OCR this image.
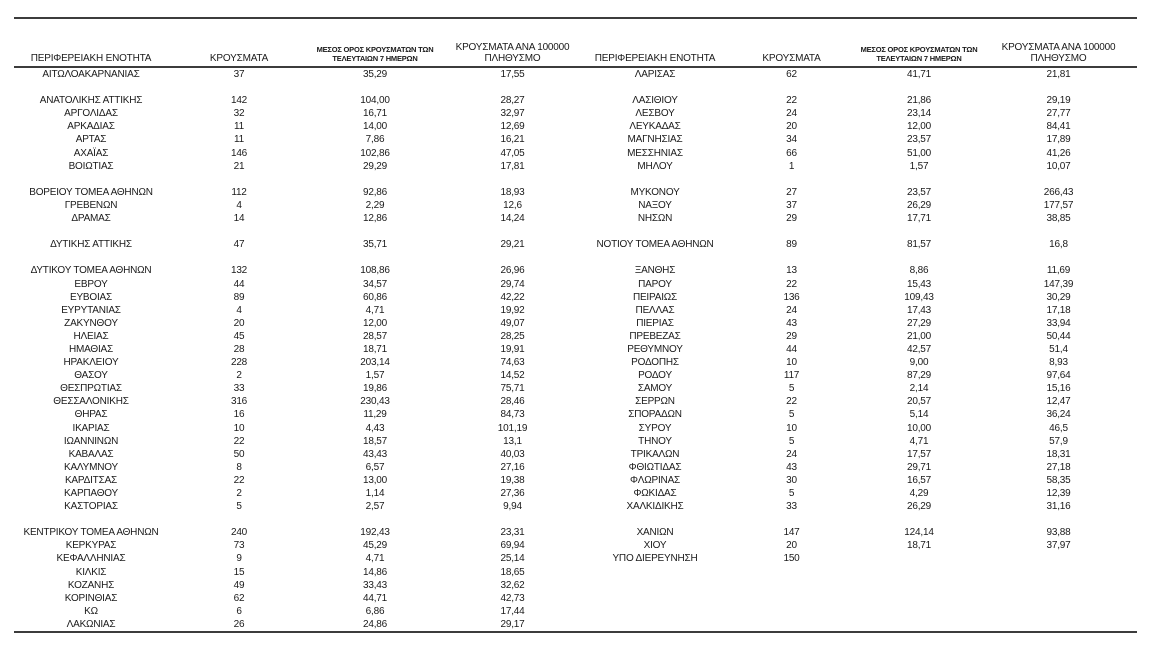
ΠΕΡΙΦΕΡΕΙΑΚΗ ΕΝΟΤΗΤΑ	ΚΡΟΥΣΜΑΤΑ	ΜΕΣΟΣ ΟΡΟΣ ΚΡΟΥΣΜΑΤΩΝ ΤΩΝ ΤΕΛΕΥΤΑΙΩΝ 7 ΗΜΕΡΩΝ	ΚΡΟΥΣΜΑΤΑ ΑΝΑ 100000 ΠΛΗΘΥΣΜΟ	ΠΕΡΙΦΕΡΕΙΑΚΗ ΕΝΟΤΗΤΑ	ΚΡΟΥΣΜΑΤΑ	ΜΕΣΟΣ ΟΡΟΣ ΚΡΟΥΣΜΑΤΩΝ ΤΩΝ ΤΕΛΕΥΤΑΙΩΝ 7 ΗΜΕΡΩΝ	ΚΡΟΥΣΜΑΤΑ ΑΝΑ 100000 ΠΛΗΘΥΣΜΟ
ΑΙΤΩΛΟΑΚΑΡΝΑΝΙΑΣ	37	35,29	17,55	ΛΑΡΙΣΑΣ	62	41,71	21,81

ΑΝΑΤΟΛΙΚΗΣ ΑΤΤΙΚΗΣ	142	104,00	28,27	ΛΑΣΙΘΙΟΥ	22	21,86	29,19
ΑΡΓΟΛΙΔΑΣ	32	16,71	32,97	ΛΕΣΒΟΥ	24	23,14	27,77
ΑΡΚΑΔΙΑΣ	11	14,00	12,69	ΛΕΥΚΑΔΑΣ	20	12,00	84,41
ΑΡΤΑΣ	11	7,86	16,21	ΜΑΓΝΗΣΙΑΣ	34	23,57	17,89
ΑΧΑΪΑΣ	146	102,86	47,05	ΜΕΣΣΗΝΙΑΣ	66	51,00	41,26
ΒΟΙΩΤΙΑΣ	21	29,29	17,81	ΜΗΛΟΥ	1	1,57	10,07

ΒΟΡΕΙΟΥ ΤΟΜΕΑ ΑΘΗΝΩΝ	112	92,86	18,93	ΜΥΚΟΝΟΥ	27	23,57	266,43
ΓΡΕΒΕΝΩΝ	4	2,29	12,6	ΝΑΞΟΥ	37	26,29	177,57
ΔΡΑΜΑΣ	14	12,86	14,24	ΝΗΣΩΝ	29	17,71	38,85

ΔΥΤΙΚΗΣ ΑΤΤΙΚΗΣ	47	35,71	29,21	ΝΟΤΙΟΥ ΤΟΜΕΑ ΑΘΗΝΩΝ	89	81,57	16,8

ΔΥΤΙΚΟΥ ΤΟΜΕΑ ΑΘΗΝΩΝ	132	108,86	26,96	ΞΑΝΘΗΣ	13	8,86	11,69
ΕΒΡΟΥ	44	34,57	29,74	ΠΑΡΟΥ	22	15,43	147,39
ΕΥΒΟΙΑΣ	89	60,86	42,22	ΠΕΙΡΑΙΩΣ	136	109,43	30,29
ΕΥΡΥΤΑΝΙΑΣ	4	4,71	19,92	ΠΕΛΛΑΣ	24	17,43	17,18
ΖΑΚΥΝΘΟΥ	20	12,00	49,07	ΠΙΕΡΙΑΣ	43	27,29	33,94
ΗΛΕΙΑΣ	45	28,57	28,25	ΠΡΕΒΕΖΑΣ	29	21,00	50,44
ΗΜΑΘΙΑΣ	28	18,71	19,91	ΡΕΘΥΜΝΟΥ	44	42,57	51,4
ΗΡΑΚΛΕΙΟΥ	228	203,14	74,63	ΡΟΔΟΠΗΣ	10	9,00	8,93
ΘΑΣΟΥ	2	1,57	14,52	ΡΟΔΟΥ	117	87,29	97,64
ΘΕΣΠΡΩΤΙΑΣ	33	19,86	75,71	ΣΑΜΟΥ	5	2,14	15,16
ΘΕΣΣΑΛΟΝΙΚΗΣ	316	230,43	28,46	ΣΕΡΡΩΝ	22	20,57	12,47
ΘΗΡΑΣ	16	11,29	84,73	ΣΠΟΡΑΔΩΝ	5	5,14	36,24
ΙΚΑΡΙΑΣ	10	4,43	101,19	ΣΥΡΟΥ	10	10,00	46,5
ΙΩΑΝΝΙΝΩΝ	22	18,57	13,1	ΤΗΝΟΥ	5	4,71	57,9
ΚΑΒΑΛΑΣ	50	43,43	40,03	ΤΡΙΚΑΛΩΝ	24	17,57	18,31
ΚΑΛΥΜΝΟΥ	8	6,57	27,16	ΦΘΙΩΤΙΔΑΣ	43	29,71	27,18
ΚΑΡΔΙΤΣΑΣ	22	13,00	19,38	ΦΛΩΡΙΝΑΣ	30	16,57	58,35
ΚΑΡΠΑΘΟΥ	2	1,14	27,36	ΦΩΚΙΔΑΣ	5	4,29	12,39
ΚΑΣΤΟΡΙΑΣ	5	2,57	9,94	ΧΑΛΚΙΔΙΚΗΣ	33	26,29	31,16

ΚΕΝΤΡΙΚΟΥ ΤΟΜΕΑ ΑΘΗΝΩΝ	240	192,43	23,31	ΧΑΝΙΩΝ	147	124,14	93,88
ΚΕΡΚΥΡΑΣ	73	45,29	69,94	ΧΙΟΥ	20	18,71	37,97
ΚΕΦΑΛΛΗΝΙΑΣ	9	4,71	25,14	ΥΠΟ ΔΙΕΡΕΥΝΗΣΗ	150		
ΚΙΛΚΙΣ	15	14,86	18,65				
ΚΟΖΑΝΗΣ	49	33,43	32,62				
ΚΟΡΙΝΘΙΑΣ	62	44,71	42,73				
ΚΩ	6	6,86	17,44				
ΛΑΚΩΝΙΑΣ	26	24,86	29,17				
